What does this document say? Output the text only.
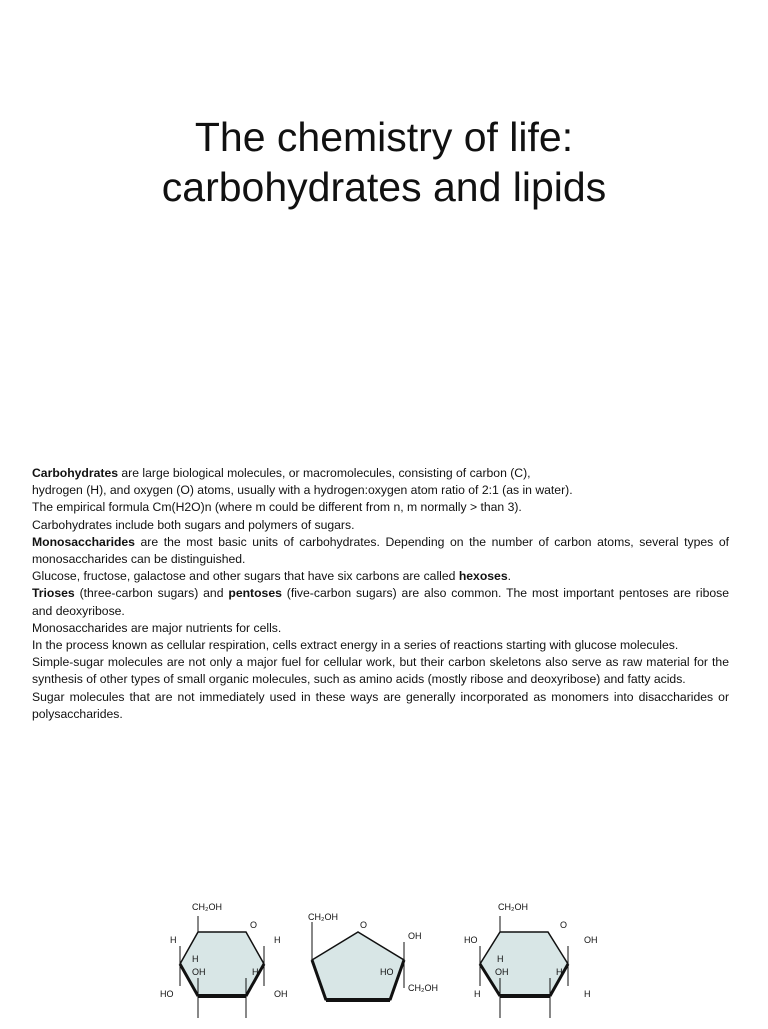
The chemistry of life:
carbohydrates and lipids

Carbohydrates are large biological molecules, or macromolecules, consisting of carbon (C),

hydrogen (H), and oxygen (O) atoms, usually with a hydrogen:oxygen atom ratio of 2:1 (as in water).

The empirical formula Cm(H2O)n (where m could be different from n, m normally > than 3).

Carbohydrates include both sugars and polymers of sugars.

Monosaccharides are the most basic units of carbohydrates. Depending on the number of carbon atoms, several types of monosaccharides can be distinguished.

Glucose, fructose, galactose and other sugars that have six carbons are called hexoses.

Trioses (three-carbon sugars) and pentoses (five-carbon sugars) are also common. The most important pentoses are ribose and deoxyribose.

Monosaccharides are major nutrients for cells.

In the process known as cellular respiration, cells extract energy in a series of reactions starting with glucose molecules.

Simple-sugar molecules are not only a major fuel for cellular work, but their carbon skeletons also serve as raw material for the synthesis of other types of small organic molecules, such as amino acids (mostly ribose and deoxyribose) and fatty acids.

Sugar molecules that are not immediately used in these ways are generally incorporated as monomers into disaccharides or polysaccharides.

CH₂OH
O
H	H
H
OH	H
HO	OH
CH₂OH
O
OH
HO
CH₂OH
CH₂OH
HO
O
OH
H
OH	H
H	H
